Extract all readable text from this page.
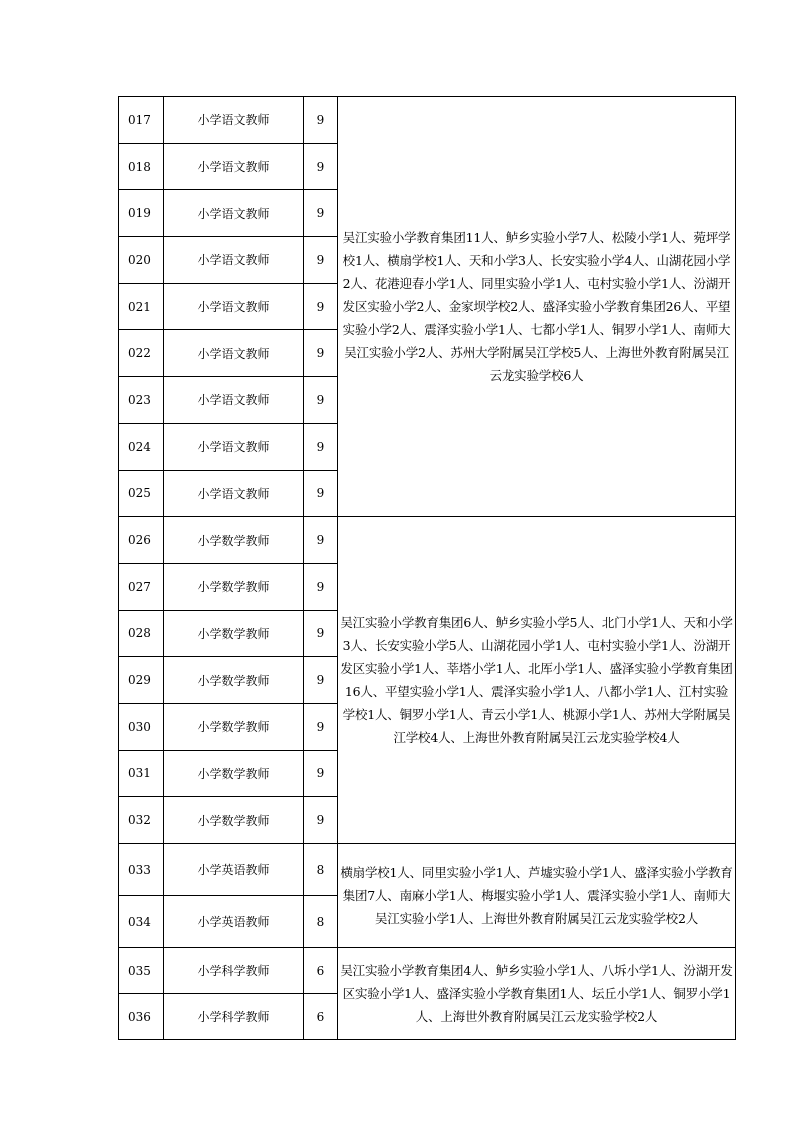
017	小学语文教师	9	吴江实验小学教育集团11人、鲈乡实验小学7人、松陵小学1人、菀坪学校1人、横扇学校1人、天和小学3人、长安实验小学4人、山湖花园小学2人、花港迎春小学1人、同里实验小学1人、屯村实验小学1人、汾湖开发区实验小学2人、金家坝学校2人、盛泽实验小学教育集团26人、平望实验小学2人、震泽实验小学1人、七都小学1人、铜罗小学1人、南师大吴江实验小学2人、苏州大学附属吴江学校5人、上海世外教育附属吴江云龙实验学校6人
018	小学语文教师	9	
019	小学语文教师	9	
020	小学语文教师	9	
021	小学语文教师	9	
022	小学语文教师	9	
023	小学语文教师	9	
024	小学语文教师	9	
025	小学语文教师	9	
026	小学数学教师	9	吴江实验小学教育集团6人、鲈乡实验小学5人、北门小学1人、天和小学3人、长安实验小学5人、山湖花园小学1人、屯村实验小学1人、汾湖开发区实验小学1人、莘塔小学1人、北厍小学1人、盛泽实验小学教育集团16人、平望实验小学1人、震泽实验小学1人、八都小学1人、江村实验学校1人、铜罗小学1人、青云小学1人、桃源小学1人、苏州大学附属吴江学校4人、上海世外教育附属吴江云龙实验学校4人
027	小学数学教师	9	
028	小学数学教师	9	
029	小学数学教师	9	
030	小学数学教师	9	
031	小学数学教师	9	
032	小学数学教师	9	
033	小学英语教师	8	横扇学校1人、同里实验小学1人、芦墟实验小学1人、盛泽实验小学教育集团7人、南麻小学1人、梅堰实验小学1人、震泽实验小学1人、南师大吴江实验小学1人、上海世外教育附属吴江云龙实验学校2人
034	小学英语教师	8	
035	小学科学教师	6	吴江实验小学教育集团4人、鲈乡实验小学1人、八坼小学1人、汾湖开发区实验小学1人、盛泽实验小学教育集团1人、坛丘小学1人、铜罗小学1人、上海世外教育附属吴江云龙实验学校2人
036	小学科学教师	6	
